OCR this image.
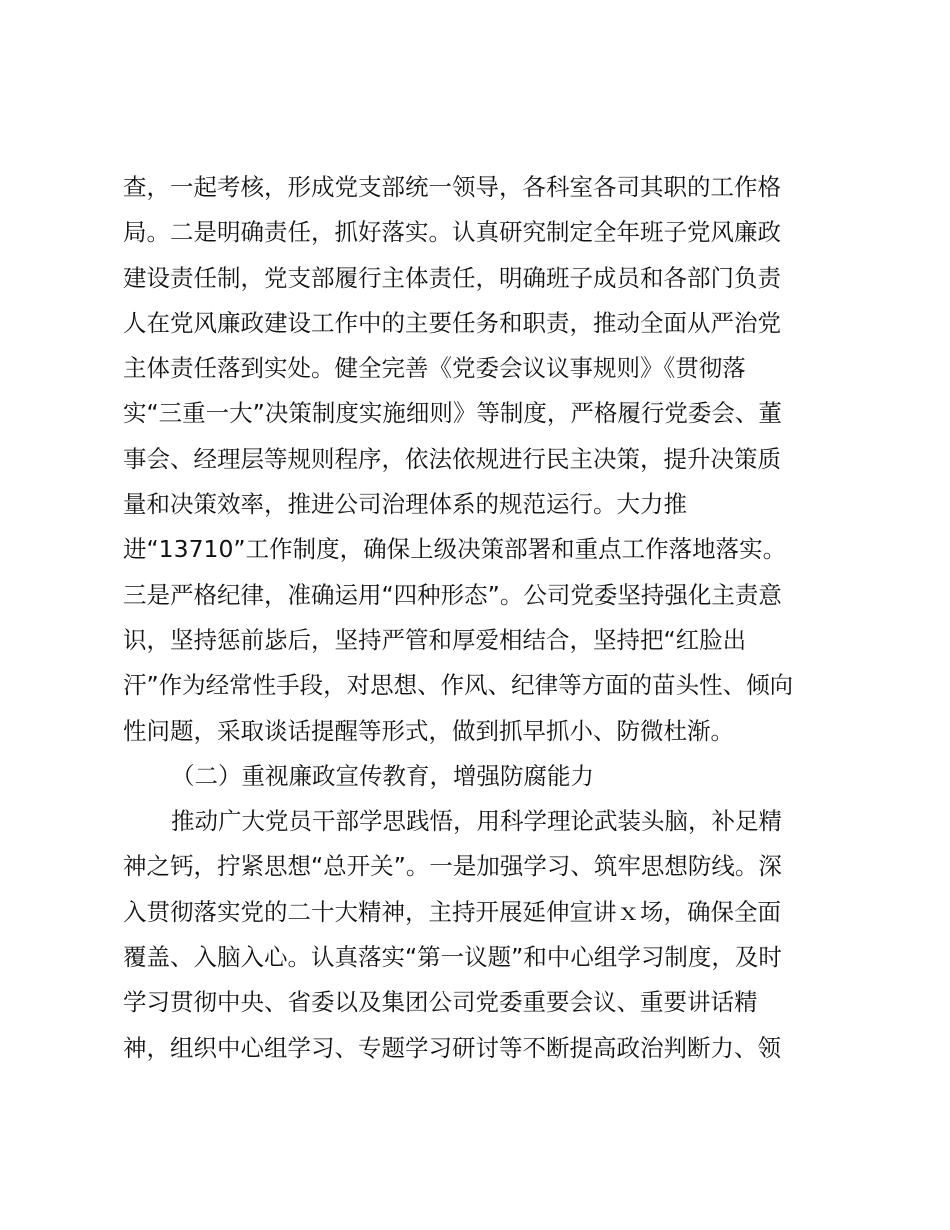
查，一起考核，形成党支部统一领导，各科室各司其职的工作格
局。二是明确责任，抓好落实。认真研究制定全年班子党风廉政
建设责任制，党支部履行主体责任，明确班子成员和各部门负责
人在党风廉政建设工作中的主要任务和职责，推动全面从严治党
主体责任落到实处。健全完善《党委会议议事规则》《贯彻落
实“三重一大”决策制度实施细则》等制度，严格履行党委会、董
事会、经理层等规则程序，依法依规进行民主决策，提升决策质
量和决策效率，推进公司治理体系的规范运行。大力推
进“13710”工作制度，确保上级决策部署和重点工作落地落实。
三是严格纪律，准确运用“四种形态”。公司党委坚持强化主责意
识，坚持惩前毖后，坚持严管和厚爱相结合，坚持把“红脸出
汗”作为经常性手段，对思想、作风、纪律等方面的苗头性、倾向
性问题，采取谈话提醒等形式，做到抓早抓小、防微杜渐。
（二）重视廉政宣传教育，增强防腐能力
推动广大党员干部学思践悟，用科学理论武装头脑，补足精
神之钙，拧紧思想“总开关”。一是加强学习、筑牢思想防线。深
入贯彻落实党的二十大精神，主持开展延伸宣讲ｘ场，确保全面
覆盖、入脑入心。认真落实“第一议题”和中心组学习制度，及时
学习贯彻中央、省委以及集团公司党委重要会议、重要讲话精
神，组织中心组学习、专题学习研讨等不断提高政治判断力、领
